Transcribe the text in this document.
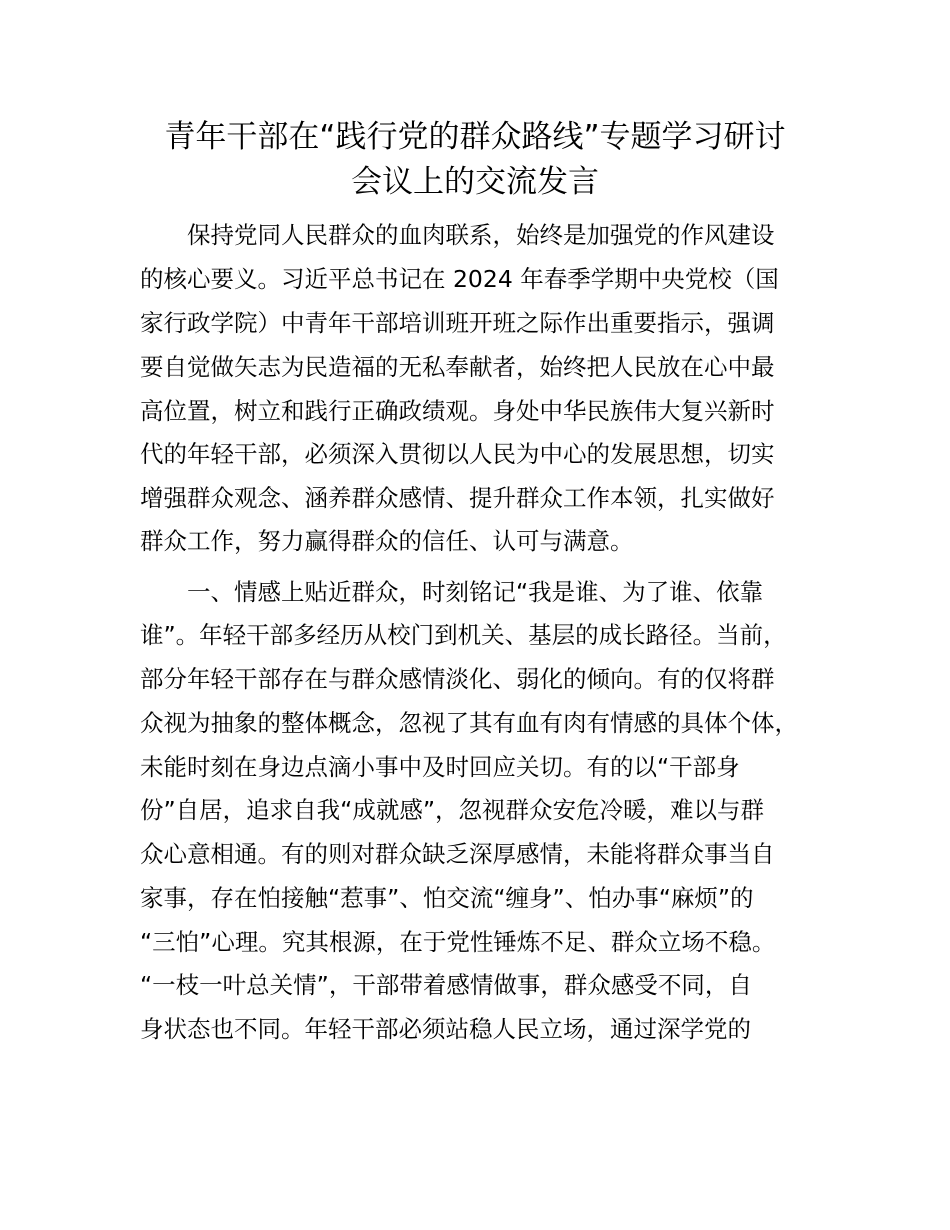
青年干部在“践行党的群众路线”专题学习研讨
会议上的交流发言
　　保持党同人民群众的血肉联系，始终是加强党的作风建设
的核心要义。习近平总书记在 2024 年春季学期中央党校（国
家行政学院）中青年干部培训班开班之际作出重要指示，强调
要自觉做矢志为民造福的无私奉献者，始终把人民放在心中最
高位置，树立和践行正确政绩观。身处中华民族伟大复兴新时
代的年轻干部，必须深入贯彻以人民为中心的发展思想，切实
增强群众观念、涵养群众感情、提升群众工作本领，扎实做好
群众工作，努力赢得群众的信任、认可与满意。
　　一、情感上贴近群众，时刻铭记“我是谁、为了谁、依靠
谁”。年轻干部多经历从校门到机关、基层的成长路径。当前，
部分年轻干部存在与群众感情淡化、弱化的倾向。有的仅将群
众视为抽象的整体概念，忽视了其有血有肉有情感的具体个体，
未能时刻在身边点滴小事中及时回应关切。有的以“干部身
份”自居，追求自我“成就感”，忽视群众安危冷暖，难以与群
众心意相通。有的则对群众缺乏深厚感情，未能将群众事当自
家事，存在怕接触“惹事”、怕交流“缠身”、怕办事“麻烦”的
“三怕”心理。究其根源，在于党性锤炼不足、群众立场不稳。
“一枝一叶总关情”，干部带着感情做事，群众感受不同，自
身状态也不同。年轻干部必须站稳人民立场，通过深学党的
